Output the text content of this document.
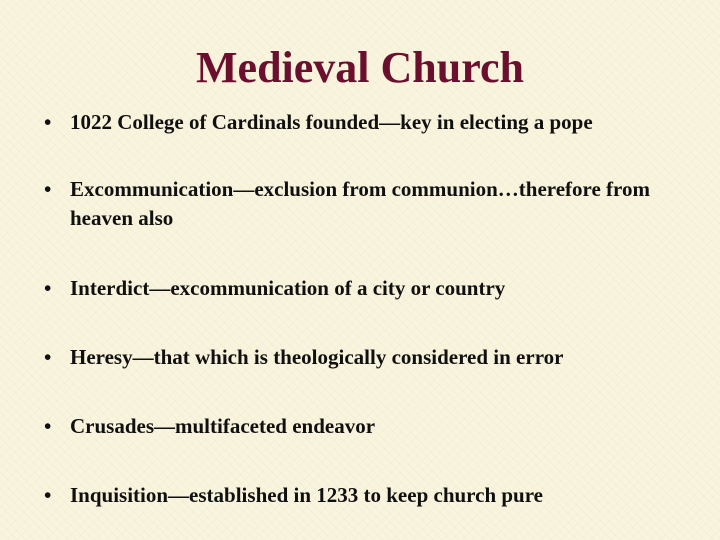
Medieval Church
• 1022 College of Cardinals founded—key in electing a pope
• Excommunication—exclusion from communion…therefore from heaven also
• Interdict—excommunication of a city or country
• Heresy—that which is theologically considered in error
• Crusades—multifaceted endeavor
• Inquisition—established in 1233 to keep church pure
